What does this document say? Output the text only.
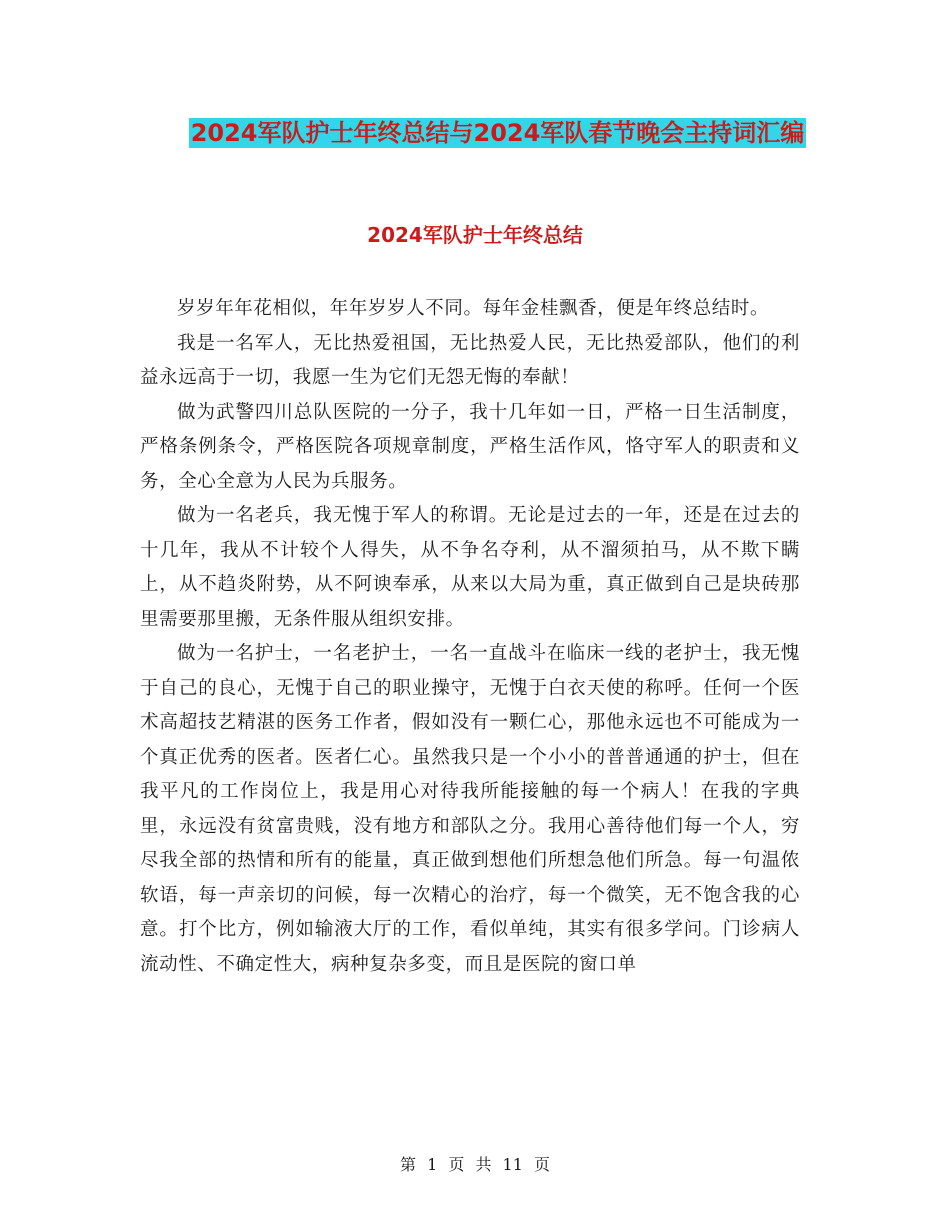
2024军队护士年终总结与2024军队春节晚会主持词汇编
2024军队护士年终总结

岁岁年年花相似，年年岁岁人不同。每年金桂飘香，便是年终总结时。

我是一名军人，无比热爱祖国，无比热爱人民，无比热爱部队，他们的利益永远高于一切，我愿一生为它们无怨无悔的奉献！

做为武警四川总队医院的一分子，我十几年如一日，严格一日生活制度，严格条例条令，严格医院各项规章制度，严格生活作风，恪守军人的职责和义务，全心全意为人民为兵服务。

做为一名老兵，我无愧于军人的称谓。无论是过去的一年，还是在过去的十几年，我从不计较个人得失，从不争名夺利，从不溜须拍马，从不欺下瞒上，从不趋炎附势，从不阿谀奉承，从来以大局为重，真正做到自己是块砖那里需要那里搬，无条件服从组织安排。

做为一名护士，一名老护士，一名一直战斗在临床一线的老护士，我无愧于自己的良心，无愧于自己的职业操守，无愧于白衣天使的称呼。任何一个医术高超技艺精湛的医务工作者，假如没有一颗仁心，那他永远也不可能成为一个真正优秀的医者。医者仁心。虽然我只是一个小小的普普通通的护士，但在我平凡的工作岗位上，我是用心对待我所能接触的每一个病人！在我的字典里，永远没有贫富贵贱，没有地方和部队之分。我用心善待他们每一个人，穷尽我全部的热情和所有的能量，真正做到想他们所想急他们所急。每一句温侬软语，每一声亲切的问候，每一次精心的治疗，每一个微笑，无不饱含我的心意。打个比方，例如输液大厅的工作，看似单纯，其实有很多学问。门诊病人流动性、不确定性大，病种复杂多变，而且是医院的窗口单

第 1 页 共 11 页
